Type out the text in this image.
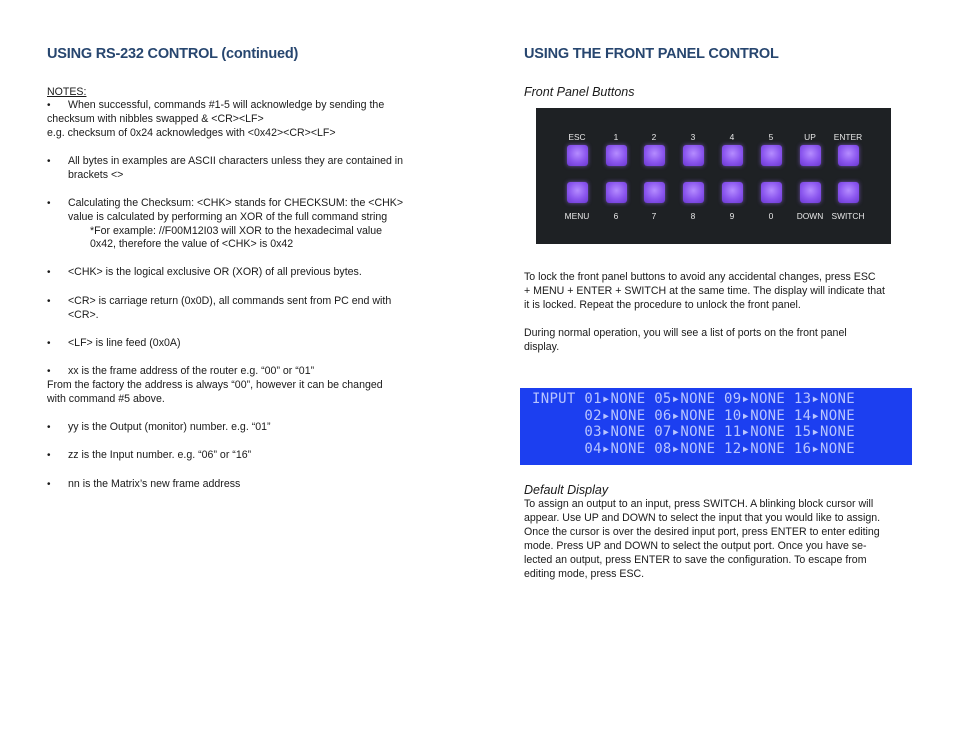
USING RS-232 CONTROL (continued)
NOTES:
• When successful, commands #1-5 will acknowledge by sending the
checksum with nibbles swapped & <CR><LF>
e.g. checksum of 0x24 acknowledges with <0x42><CR><LF>
• All bytes in examples are ASCII characters unless they are contained in
brackets <>
• Calculating the Checksum: <CHK> stands for CHECKSUM: the <CHK>
value is calculated by performing an XOR of the full command string
*For example: //F00M12I03 will XOR to the hexadecimal value
0x42, therefore the value of <CHK> is 0x42
• <CHK> is the logical exclusive OR (XOR) of all previous bytes.
• <CR> is carriage return (0x0D), all commands sent from PC end with
<CR>.
• <LF> is line feed (0x0A)
• xx is the frame address of the router e.g. “00” or “01”
From the factory the address is always “00”, however it can be changed
with command #5 above.
• yy is the Output (monitor) number. e.g. “01”
• zz is the Input number. e.g. “06” or “16”
• nn is the Matrix’s new frame address
USING THE FRONT PANEL CONTROL
Front Panel Buttons
ESC
MENU
1
6
2
7
3
8
4
9
5
0
UP
DOWN
ENTER
SWITCH
To lock the front panel buttons to avoid any accidental changes, press ESC
+ MENU + ENTER + SWITCH at the same time. The display will indicate that
it is locked. Repeat the procedure to unlock the front panel.
During normal operation, you will see a list of ports on the front panel
display.
INPUT 01▸NONE 05▸NONE 09▸NONE 13▸NONE
02▸NONE 06▸NONE 10▸NONE 14▸NONE
03▸NONE 07▸NONE 11▸NONE 15▸NONE
04▸NONE 08▸NONE 12▸NONE 16▸NONE
Default Display
To assign an output to an input, press SWITCH. A blinking block cursor will
appear. Use UP and DOWN to select the input that you would like to assign.
Once the cursor is over the desired input port, press ENTER to enter editing
mode. Press UP and DOWN to select the output port. Once you have se-
lected an output, press ENTER to save the configuration. To escape from
editing mode, press ESC.
